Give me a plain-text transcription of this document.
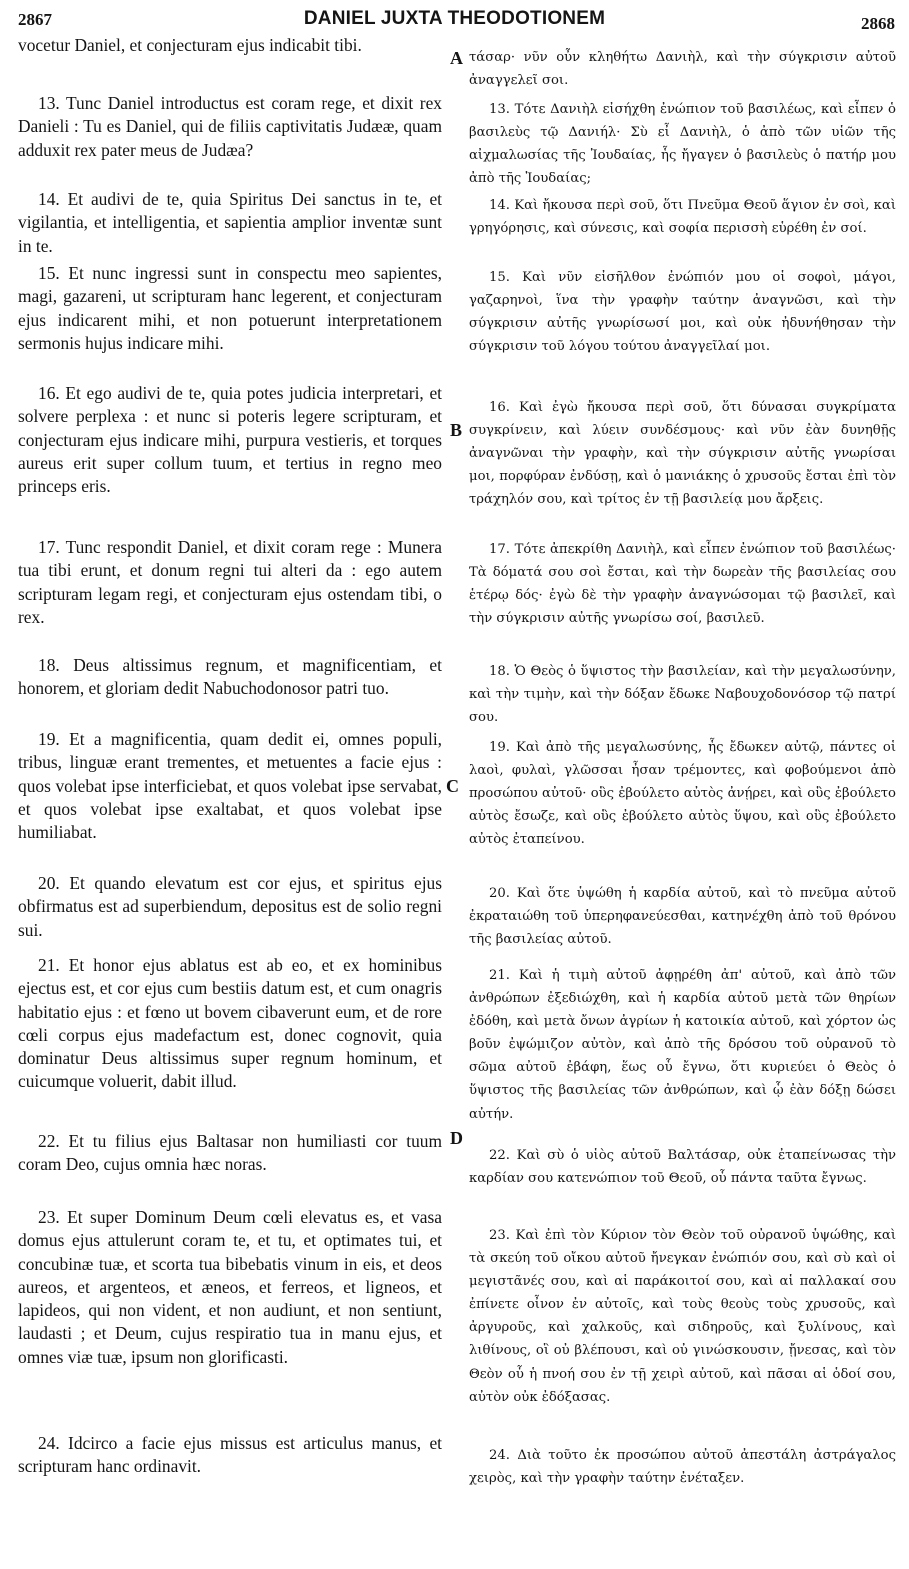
2867	DANIEL JUXTA THEODOTIONEM	2868

vocetur Daniel, et conjecturam ejus indicabit tibi.

13. Tunc Daniel introductus est coram rege, et dixit rex Danieli : Tu es Daniel, qui de filiis captivitatis Judææ, quam adduxit rex pater meus de Judæa?

14. Et audivi de te, quia Spiritus Dei sanctus in te, et vigilantia, et intelligentia, et sapientia amplior inventæ sunt in te.

15. Et nunc ingressi sunt in conspectu meo sapientes, magi, gazareni, ut scripturam hanc legerent, et conjecturam ejus indicarent mihi, et non potuerunt interpretationem sermonis hujus indicare mihi.

16. Et ego audivi de te, quia potes judicia interpretari, et solvere perplexa : et nunc si poteris legere scripturam, et conjecturam ejus indicare mihi, purpura vestieris, et torques aureus erit super collum tuum, et tertius in regno meo princeps eris.

17. Tunc respondit Daniel, et dixit coram rege : Munera tua tibi erunt, et donum regni tui alteri da : ego autem scripturam legam regi, et conjecturam ejus ostendam tibi, o rex.

18. Deus altissimus regnum, et magnificentiam, et honorem, et gloriam dedit Nabuchodonosor patri tuo.

19. Et a magnificentia, quam dedit ei, omnes populi, tribus, linguæ erant trementes, et metuentes a facie ejus : quos volebat ipse interficiebat, et quos volebat ipse servabat, et quos volebat ipse exaltabat, et quos volebat ipse humiliabat.

20. Et quando elevatum est cor ejus, et spiritus ejus obfirmatus est ad superbiendum, depositus est de solio regni sui.

21. Et honor ejus ablatus est ab eo, et ex hominibus ejectus est, et cor ejus cum bestiis datum est, et cum onagris habitatio ejus : et fœno ut bovem cibaverunt eum, et de rore cœli corpus ejus madefactum est, donec cognovit, quia dominatur Deus altissimus super regnum hominum, et cuicumque voluerit, dabit illud.

22. Et tu filius ejus Baltasar non humiliasti cor tuum coram Deo, cujus omnia hæc noras.

23. Et super Dominum Deum cœli elevatus es, et vasa domus ejus attulerunt coram te, et tu, et optimates tui, et concubinæ tuæ, et scorta tua bibebatis vinum in eis, et deos aureos, et argenteos, et æneos, et ferreos, et ligneos, et lapideos, qui non vident, et non audiunt, et non sentiunt, laudasti ; et Deum, cujus respiratio tua in manu ejus, et omnes viæ tuæ, ipsum non glorificasti.

24. Idcirco a facie ejus missus est articulus manus, et scripturam hanc ordinavit.

A
B
C
D

τάσαρ· νῦν οὖν κληθήτω Δανιὴλ, καὶ τὴν σύγκρισιν αὐτοῦ ἀναγγελεῖ σοι.

13. Τότε Δανιὴλ εἰσήχθη ἐνώπιον τοῦ βασιλέως, καὶ εἶπεν ὁ βασιλεὺς τῷ Δανιήλ· Σὺ εἶ Δανιὴλ, ὁ ἀπὸ τῶν υἱῶν τῆς αἰχμαλωσίας τῆς Ἰουδαίας, ἧς ἤγαγεν ὁ βασιλεὺς ὁ πατήρ μου ἀπὸ τῆς Ἰουδαίας;

14. Καὶ ἤκουσα περὶ σοῦ, ὅτι Πνεῦμα Θεοῦ ἅγιον ἐν σοὶ, καὶ γρηγόρησις, καὶ σύνεσις, καὶ σοφία περισσὴ εὑρέθη ἐν σοί.

15. Καὶ νῦν εἰσῆλθον ἐνώπιόν μου οἱ σοφοὶ, μάγοι, γαζαρηνοὶ, ἵνα τὴν γραφὴν ταύτην ἀναγνῶσι, καὶ τὴν σύγκρισιν αὐτῆς γνωρίσωσί μοι, καὶ οὐκ ἠδυνήθησαν τὴν σύγκρισιν τοῦ λόγου τούτου ἀναγγεῖλαί μοι.

16. Καὶ ἐγὼ ἤκουσα περὶ σοῦ, ὅτι δύνασαι συγκρίματα συγκρίνειν, καὶ λύειν συνδέσμους· καὶ νῦν ἐὰν δυνηθῇς ἀναγνῶναι τὴν γραφὴν, καὶ τὴν σύγκρισιν αὐτῆς γνωρίσαι μοι, πορφύραν ἐνδύσῃ, καὶ ὁ μανιάκης ὁ χρυσοῦς ἔσται ἐπὶ τὸν τράχηλόν σου, καὶ τρίτος ἐν τῇ βασιλείᾳ μου ἄρξεις.

17. Τότε ἀπεκρίθη Δανιὴλ, καὶ εἶπεν ἐνώπιον τοῦ βασιλέως· Τὰ δόματά σου σοὶ ἔσται, καὶ τὴν δωρεὰν τῆς βασιλείας σου ἑτέρῳ δός· ἐγὼ δὲ τὴν γραφὴν ἀναγνώσομαι τῷ βασιλεῖ, καὶ τὴν σύγκρισιν αὐτῆς γνωρίσω σοί, βασιλεῦ.

18. Ὁ Θεὸς ὁ ὕψιστος τὴν βασιλείαν, καὶ τὴν μεγαλωσύνην, καὶ τὴν τιμὴν, καὶ τὴν δόξαν ἔδωκε Ναβουχοδονόσορ τῷ πατρί σου.

19. Καὶ ἀπὸ τῆς μεγαλωσύνης, ἧς ἔδωκεν αὐτῷ, πάντες οἱ λαοὶ, φυλαὶ, γλῶσσαι ἦσαν τρέμοντες, καὶ φοβούμενοι ἀπὸ προσώπου αὐτοῦ· οὓς ἐβούλετο αὐτὸς ἀνῄρει, καὶ οὓς ἐβούλετο αὐτὸς ἔσωζε, καὶ οὓς ἐβούλετο αὐτὸς ὕψου, καὶ οὓς ἐβούλετο αὐτὸς ἐταπείνου.

20. Καὶ ὅτε ὑψώθη ἡ καρδία αὐτοῦ, καὶ τὸ πνεῦμα αὐτοῦ ἐκραταιώθη τοῦ ὑπερηφανεύεσθαι, κατηνέχθη ἀπὸ τοῦ θρόνου τῆς βασιλείας αὐτοῦ.

21. Καὶ ἡ τιμὴ αὐτοῦ ἀφῃρέθη ἀπ' αὐτοῦ, καὶ ἀπὸ τῶν ἀνθρώπων ἐξεδιώχθη, καὶ ἡ καρδία αὐτοῦ μετὰ τῶν θηρίων ἐδόθη, καὶ μετὰ ὄνων ἀγρίων ἡ κατοικία αὐτοῦ, καὶ χόρτον ὡς βοῦν ἐψώμιζον αὐτὸν, καὶ ἀπὸ τῆς δρόσου τοῦ οὐρανοῦ τὸ σῶμα αὐτοῦ ἐβάφη, ἕως οὗ ἔγνω, ὅτι κυριεύει ὁ Θεὸς ὁ ὕψιστος τῆς βασιλείας τῶν ἀνθρώπων, καὶ ᾧ ἐὰν δόξῃ δώσει αὐτήν.

22. Καὶ σὺ ὁ υἱὸς αὐτοῦ Βαλτάσαρ, οὐκ ἐταπείνωσας τὴν καρδίαν σου κατενώπιον τοῦ Θεοῦ, οὗ πάντα ταῦτα ἔγνως.

23. Καὶ ἐπὶ τὸν Κύριον τὸν Θεὸν τοῦ οὐρανοῦ ὑψώθης, καὶ τὰ σκεύη τοῦ οἴκου αὐτοῦ ἤνεγκαν ἐνώπιόν σου, καὶ σὺ καὶ οἱ μεγιστᾶνές σου, καὶ αἱ παράκοιτοί σου, καὶ αἱ παλλακαί σου ἐπίνετε οἶνον ἐν αὐτοῖς, καὶ τοὺς θεοὺς τοὺς χρυσοῦς, καὶ ἀργυροῦς, καὶ χαλκοῦς, καὶ σιδηροῦς, καὶ ξυλίνους, καὶ λιθίνους, οἳ οὐ βλέπουσι, καὶ οὐ γινώσκουσιν, ᾔνεσας, καὶ τὸν Θεὸν οὗ ἡ πνοή σου ἐν τῇ χειρὶ αὐτοῦ, καὶ πᾶσαι αἱ ὁδοί σου, αὐτὸν οὐκ ἐδόξασας.

24. Διὰ τοῦτο ἐκ προσώπου αὐτοῦ ἀπεστάλη ἀστράγαλος χειρὸς, καὶ τὴν γραφὴν ταύτην ἐνέταξεν.
